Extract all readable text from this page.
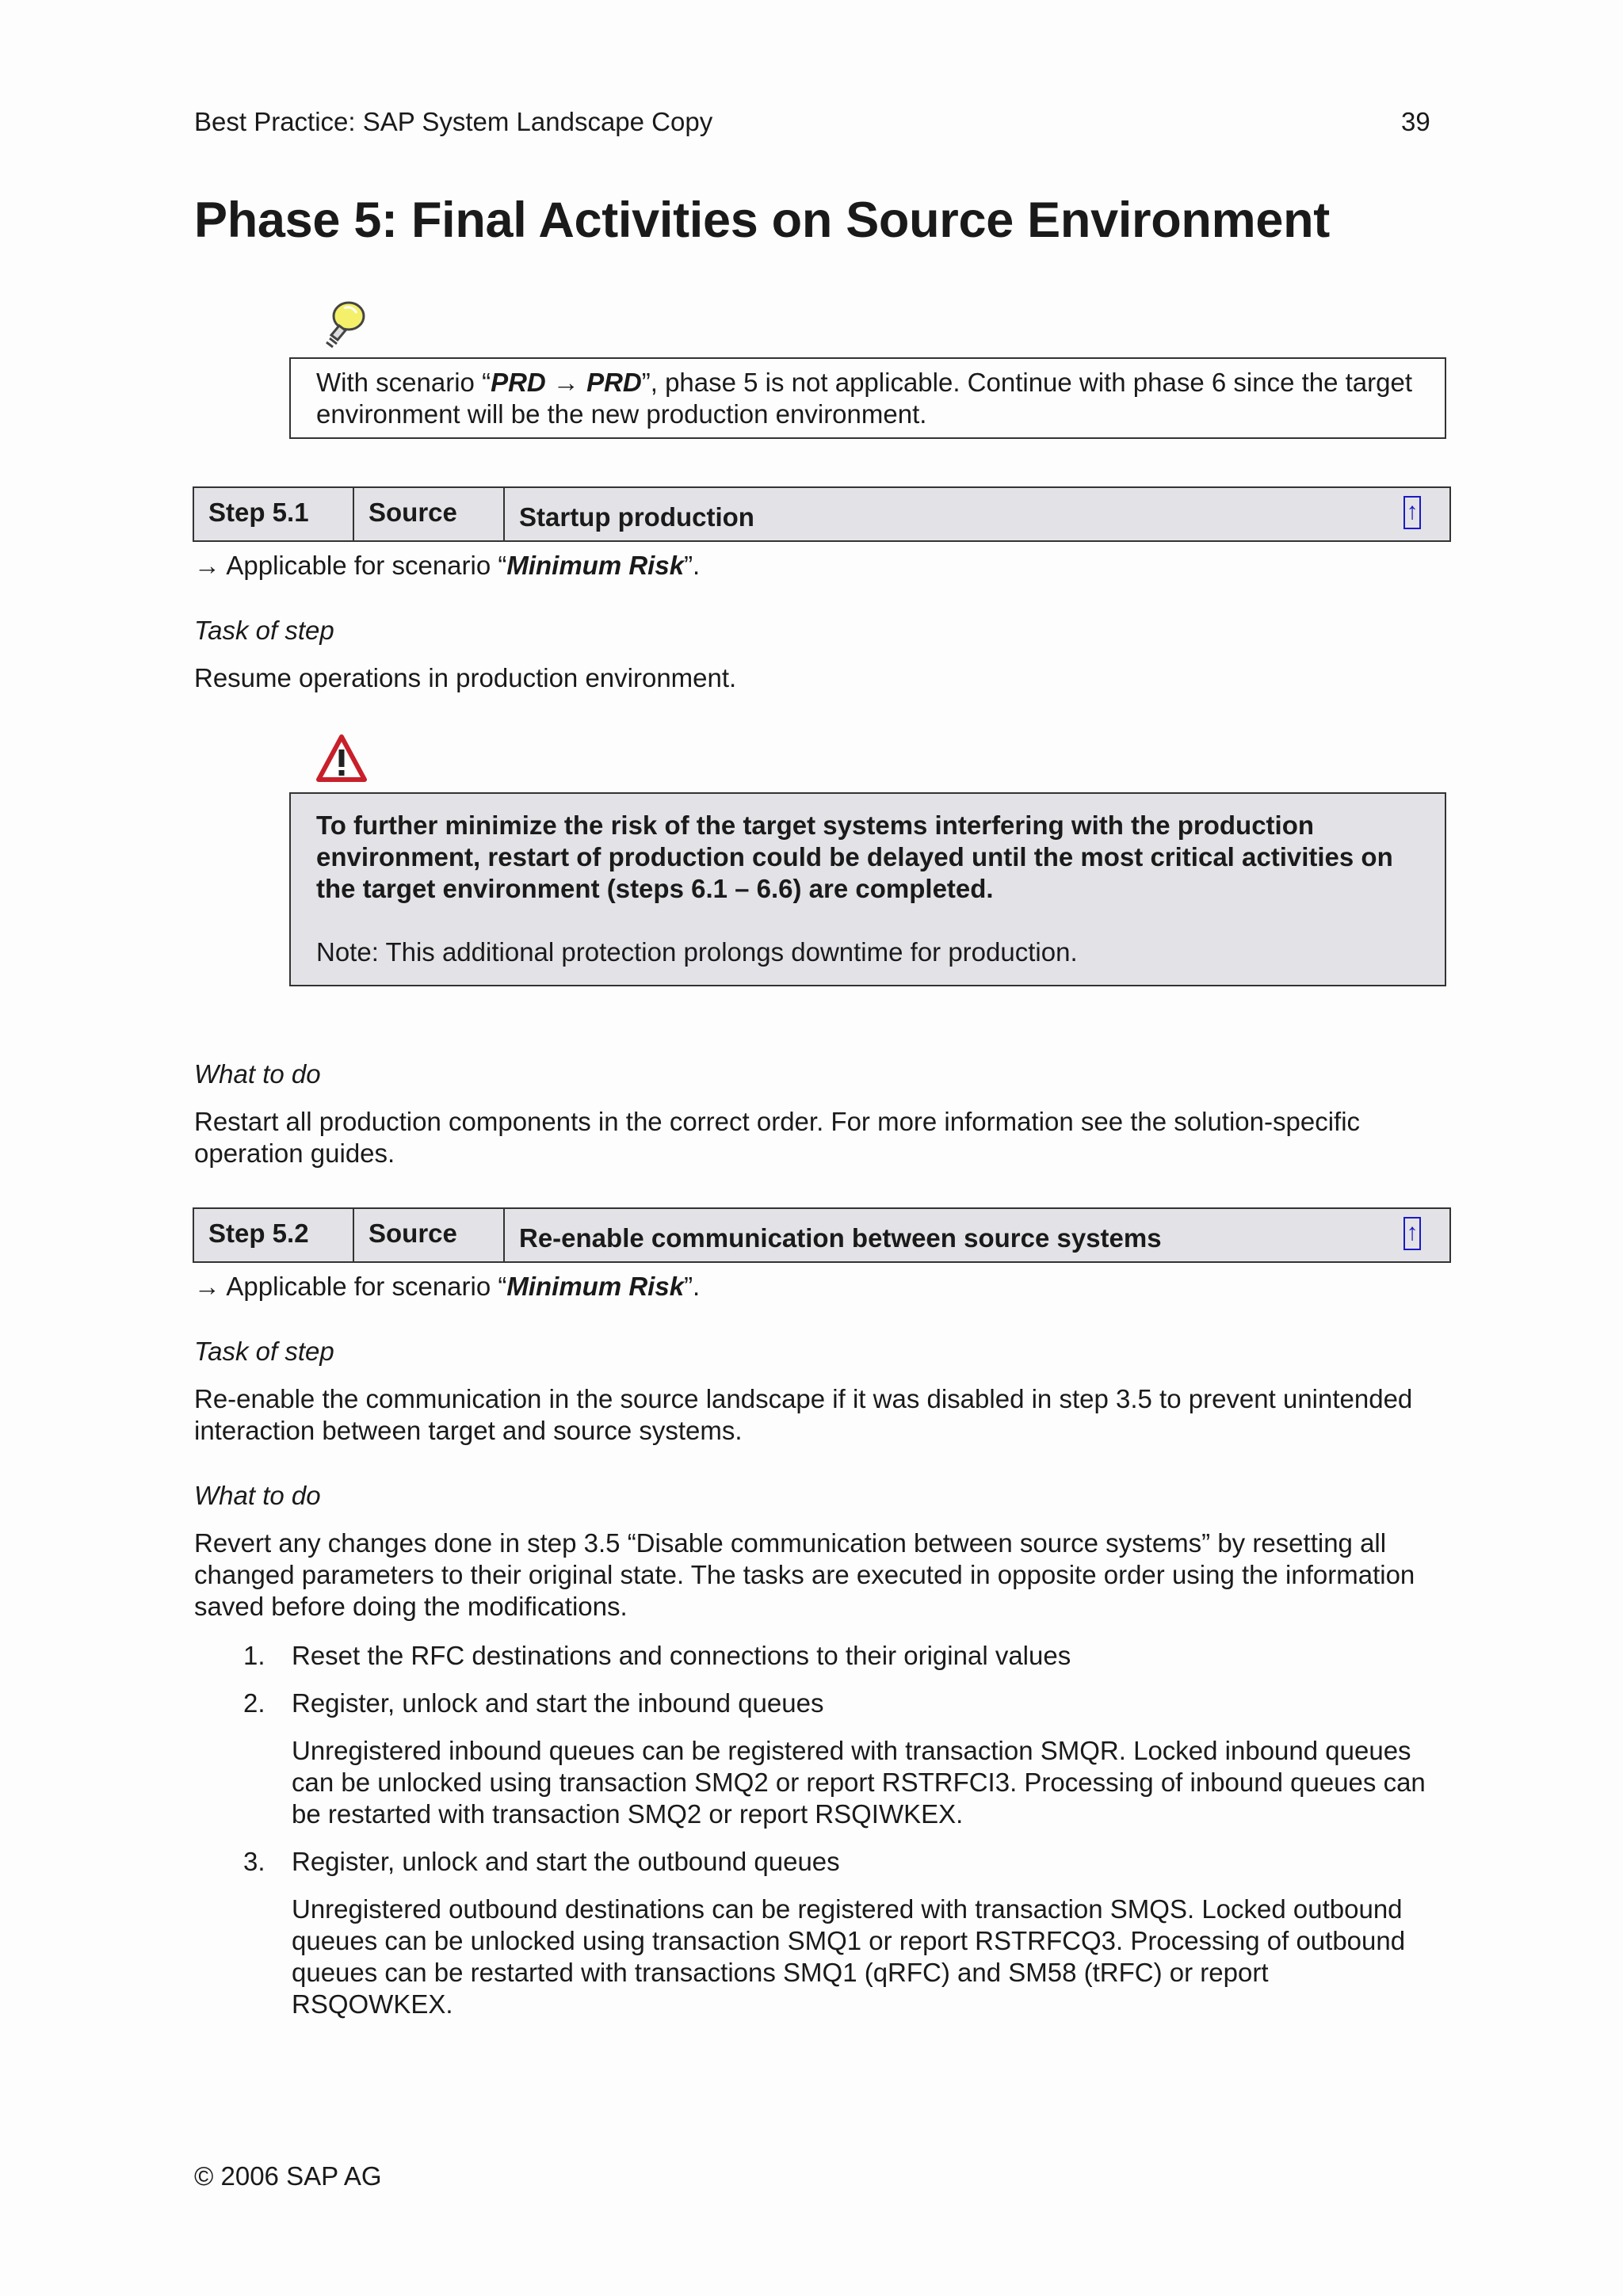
Best Practice: SAP System Landscape Copy	39
Phase 5: Final Activities on Source Environment
With scenario “PRD → PRD”, phase 5 is not applicable. Continue with phase 6 since the target environment will be the new production environment.
Step 5.1	Source	Startup production	↑
→ Applicable for scenario “Minimum Risk”.
Task of step
Resume operations in production environment.
To further minimize the risk of the target systems interfering with the production environment, restart of production could be delayed until the most critical activities on the target environment (steps 6.1 – 6.6) are completed.
Note: This additional protection prolongs downtime for production.
What to do
Restart all production components in the correct order. For more information see the solution-specific operation guides.
Step 5.2	Source	Re-enable communication between source systems	↑
→ Applicable for scenario “Minimum Risk”.
Task of step
Re-enable the communication in the source landscape if it was disabled in step 3.5 to prevent unintended interaction between target and source systems.
What to do
Revert any changes done in step 3.5 “Disable communication between source systems” by resetting all changed parameters to their original state. The tasks are executed in opposite order using the information saved before doing the modifications.
1. Reset the RFC destinations and connections to their original values
2. Register, unlock and start the inbound queues
Unregistered inbound queues can be registered with transaction SMQR. Locked inbound queues can be unlocked using transaction SMQ2 or report RSTRFCI3. Processing of inbound queues can be restarted with transaction SMQ2 or report RSQIWKEX.
3. Register, unlock and start the outbound queues
Unregistered outbound destinations can be registered with transaction SMQS. Locked outbound queues can be unlocked using transaction SMQ1 or report RSTRFCQ3. Processing of outbound queues can be restarted with transactions SMQ1 (qRFC) and SM58 (tRFC) or report RSQOWKEX.
© 2006 SAP AG
